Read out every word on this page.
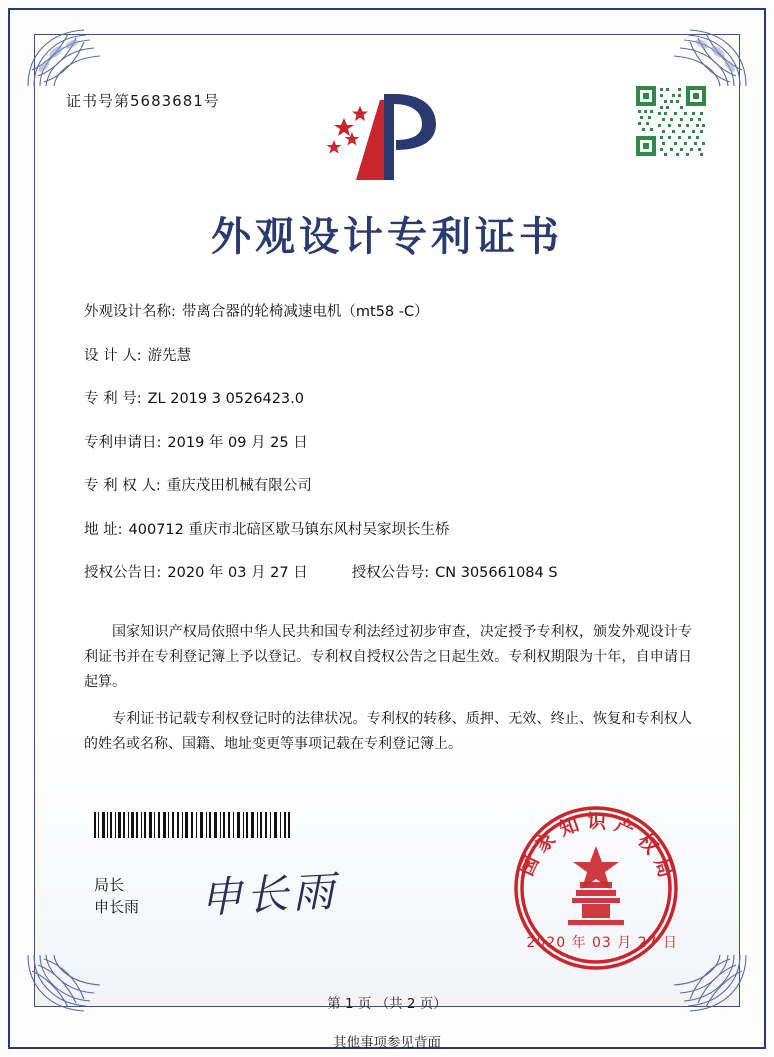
证书号第5683681号
外观设计专利证书
外观设计名称: 带离合器的轮椅减速电机（mt58 -C）
设 计 人: 游先慧
专 利 号: ZL 2019 3 0526423.0
专利申请日: 2019 年 09 月 25 日
专 利 权 人: 重庆茂田机械有限公司
地 址: 400712 重庆市北碚区歇马镇东风村吴家坝长生桥
授权公告日: 2020 年 03 月 27 日	授权公告号: CN 305661084 S

国家知识产权局依照中华人民共和国专利法经过初步审查，决定授予专利权，颁发外观设计专利证书并在专利登记簿上予以登记。专利权自授权公告之日起生效。专利权期限为十年，自申请日起算。

专利证书记载专利权登记时的法律状况。专利权的转移、质押、无效、终止、恢复和专利权人的姓名或名称、国籍、地址变更等事项记载在专利登记簿上。

局长
申长雨 申长雨
国家知识产权局
2020 年 03 月 27 日
第 1 页 （共 2 页）
其他事项参见背面
